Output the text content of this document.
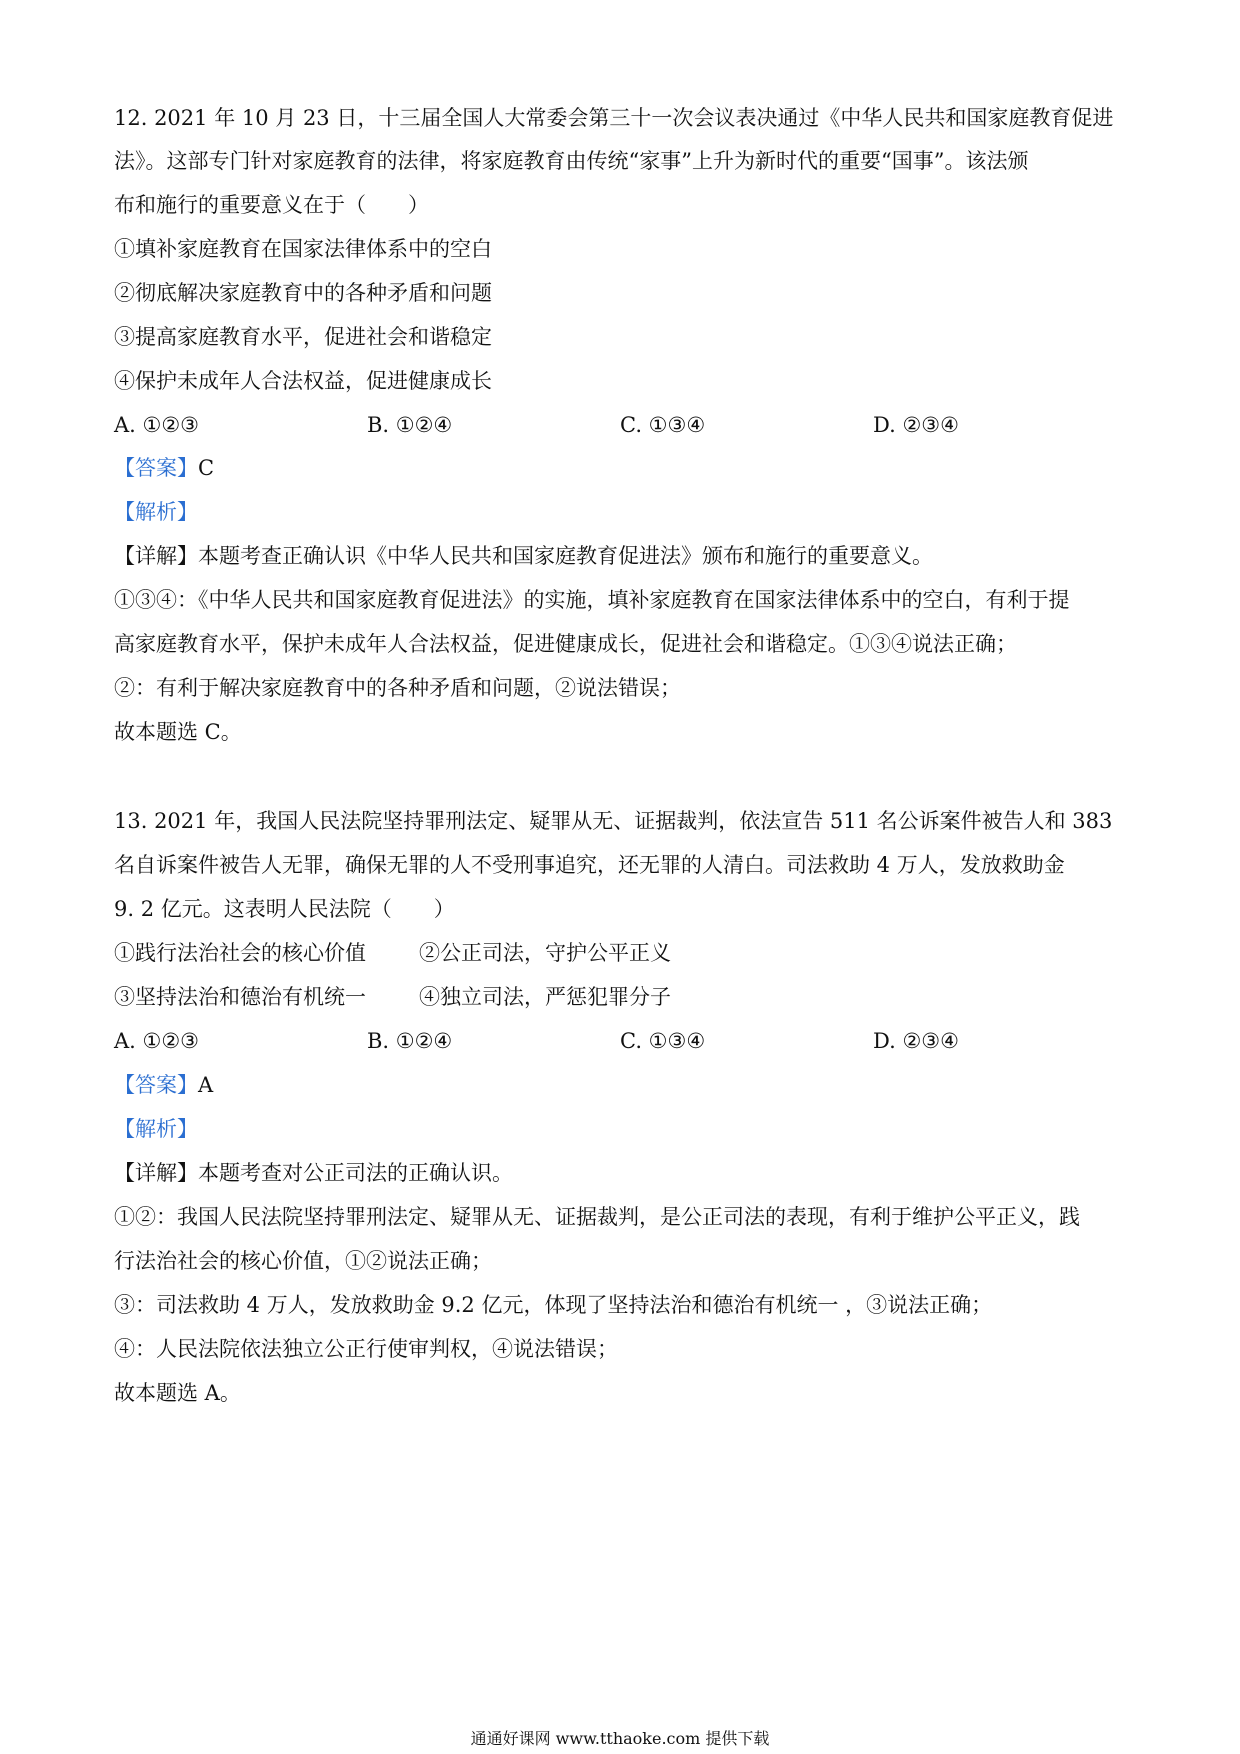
12. 2021 年 10 月 23 日，十三届全国人大常委会第三十一次会议表决通过《中华人民共和国家庭教育促进
法》。这部专门针对家庭教育的法律，将家庭教育由传统“家事”上升为新时代的重要“国事”。该法颁
布和施行的重要意义在于（　　）
①填补家庭教育在国家法律体系中的空白
②彻底解决家庭教育中的各种矛盾和问题
③提高家庭教育水平，促进社会和谐稳定
④保护未成年人合法权益，促进健康成长
A. ①②③	B. ①②④	C. ①③④	D. ②③④
【答案】C
【解析】
【详解】本题考查正确认识《中华人民共和国家庭教育促进法》颁布和施行的重要意义。
①③④：《中华人民共和国家庭教育促进法》的实施，填补家庭教育在国家法律体系中的空白，有利于提
高家庭教育水平，保护未成年人合法权益，促进健康成长，促进社会和谐稳定。①③④说法正确；
②：有利于解决家庭教育中的各种矛盾和问题，②说法错误；
故本题选 C。
13. 2021 年，我国人民法院坚持罪刑法定、疑罪从无、证据裁判，依法宣告 511 名公诉案件被告人和 383
名自诉案件被告人无罪，确保无罪的人不受刑事追究，还无罪的人清白。司法救助 4 万人，发放救助金
9. 2 亿元。这表明人民法院（　　）
①践行法治社会的核心价值	②公正司法，守护公平正义
③坚持法治和德治有机统一	④独立司法，严惩犯罪分子
A. ①②③	B. ①②④	C. ①③④	D. ②③④
【答案】A
【解析】
【详解】本题考查对公正司法的正确认识。
①②：我国人民法院坚持罪刑法定、疑罪从无、证据裁判，是公正司法的表现，有利于维护公平正义，践
行法治社会的核心价值，①②说法正确；
③：司法救助 4 万人，发放救助金 9.2 亿元，体现了坚持法治和德治有机统一 ，③说法正确；
④：人民法院依法独立公正行使审判权，④说法错误；
故本题选 A。
通通好课网 www.tthaoke.com 提供下载
